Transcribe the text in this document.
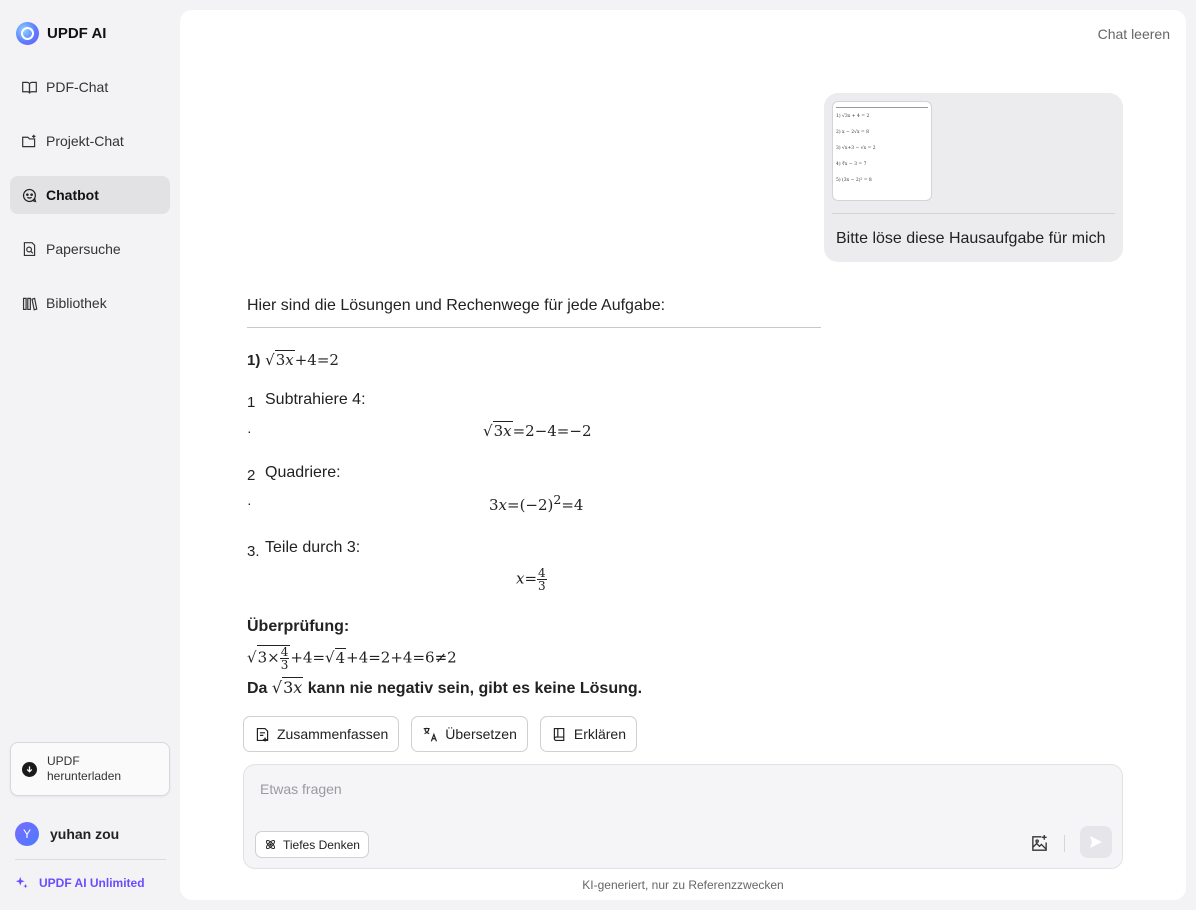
UPDF AI
PDF-Chat
Projekt-Chat
Chatbot
Papersuche
Bibliothek
UPDF herunterladen
Y	yuhan zou
UPDF AI Unlimited
Chat leeren
1) √3x + 4 = 2
2) x − 2√x = 8
3) √x+3 − √x = 2
4) ∜x − 3 = 7
5) (3x − 2)² = 8
Bitte löse diese Hausaufgabe für mich
Hier sind die Lösungen und Rechenwege für jede Aufgabe:
1) √3x+4=2
1 Subtrahiere 4:
·	√3x=2−4=−2
2 Quadriere:
·	$3x=(-2)^2=4$
3. Teile durch 3:
$x= \frac{4}{3}$
Überprüfung:
$√3\times \frac{4}{3} +4=√4+4=2+4=6\ne 2$
Da √3x kann nie negativ sein, gibt es keine Lösung.
Zusammenfassen	Übersetzen	Erklären
Etwas fragen
Tiefes Denken
KI-generiert, nur zu Referenzzwecken
